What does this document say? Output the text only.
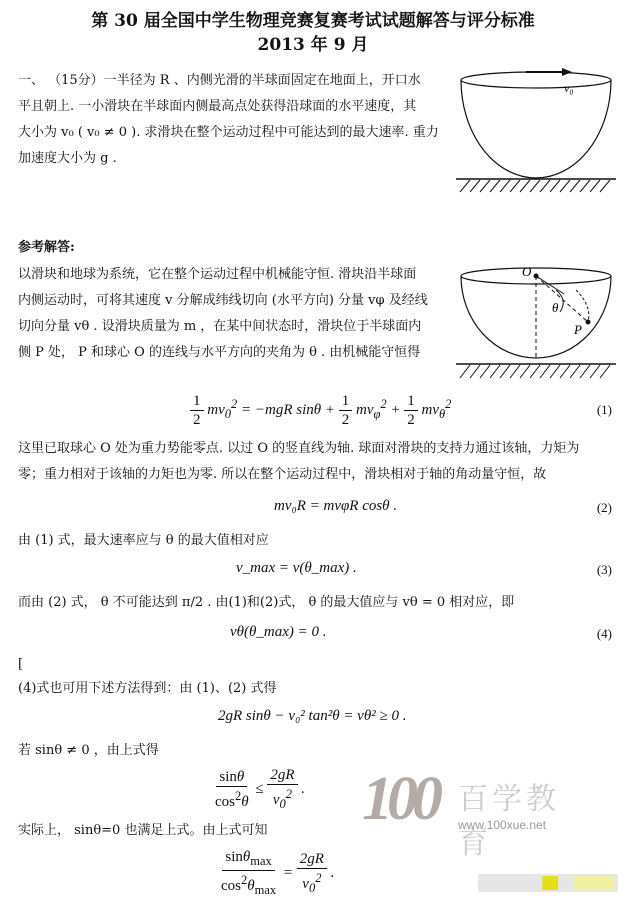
第 30 届全国中学生物理竞赛复赛考试试题解答与评分标准
2013 年 9 月
一、 （15分）一半径为 R 、内侧光滑的半球面固定在地面上，开口水
平且朝上. 一小滑块在半球面内侧最高点处获得沿球面的水平速度，其
大小为 v₀ ( v₀ ≠ 0 ). 求滑块在整个运动过程中可能达到的最大速率. 重力
加速度大小为 g .
v₀
参考解答:
以滑块和地球为系统，它在整个运动过程中机械能守恒. 滑块沿半球面
内侧运动时，可将其速度 v 分解成纬线切向 (水平方向) 分量 vφ 及经线
切向分量 vθ . 设滑块质量为 m ，在某中间状态时，滑块位于半球面内
侧 P 处， P 和球心 O 的连线与水平方向的夹角为 θ . 由机械能守恒得
O
θ
P
$\frac{1}{2} mv_0^2 = -mgR$ $\sin\theta + \frac{1}{2} mv_\varphi^2 + \frac{1}{2} mv_\theta^2$	(1)
这里已取球心 O 处为重力势能零点. 以过 O 的竖直线为轴. 球面对滑块的支持力通过该轴，力矩为
零；重力相对于该轴的力矩也为零. 所以在整个运动过程中，滑块相对于轴的角动量守恒，故
mv₀R = mvφR cosθ .	(2)
由 (1) 式，最大速率应与 θ 的最大值相对应
v_max = v(θ_max) .	(3)
而由 (2) 式， θ 不可能达到 π/2 . 由(1)和(2)式， θ 的最大值应与 vθ = 0 相对应，即
vθ(θ_max) = 0 .	(4)
[
(4)式也可用下述方法得到：由 (1)、(2) 式得
2gR sinθ − v₀² tan²θ = vθ² ≥ 0 .
若 sinθ ≠ 0 ，由上式得
$\frac{\sin\theta}{\cos^2\theta} \le \frac{2gR}{v_0^2}$ .
实际上， sinθ=0 也满足上式。由上式可知
$\frac{\sin\theta_{max}}{\cos^2\theta_{max}} = \frac{2gR}{v_0^2}$ .
100 百学教育
www.100xue.net
